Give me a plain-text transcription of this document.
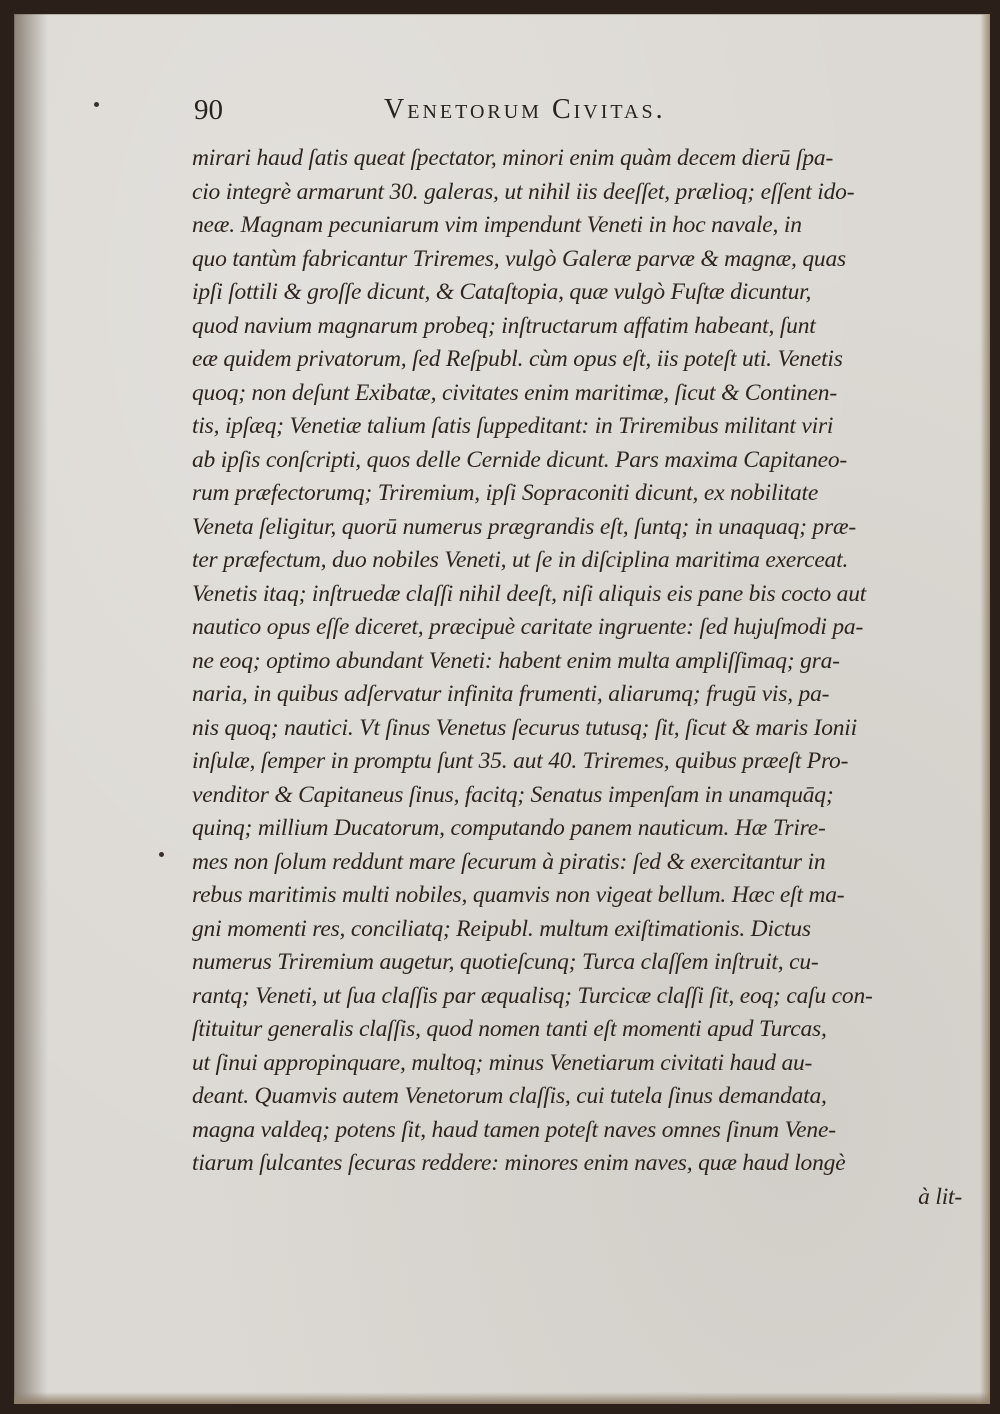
90	Venetorum Civitas.
mirari haud ſatis queat ſpectator, minori enim quàm decem dierū ſpa-
cio integrè armarunt 30. galeras, ut nihil iis deeſſet, prælioq; eſſent ido-
neæ. Magnam pecuniarum vim impendunt Veneti in hoc navale, in
quo tantùm fabricantur Triremes, vulgò Galeræ parvæ & magnæ, quas
ipſi ſottili & groſſe dicunt, & Cataſtopia, quæ vulgò Fuſtæ dicuntur,
quod navium magnarum probeq; inſtructarum affatim habeant, ſunt
eæ quidem privatorum, ſed Reſpubl. cùm opus eſt, iis poteſt uti. Venetis
quoq; non deſunt Exibatæ, civitates enim maritimæ, ſicut & Continen-
tis, ipſæq; Venetiæ talium ſatis ſuppeditant: in Triremibus militant viri
ab ipſis conſcripti, quos delle Cernide dicunt. Pars maxima Capitaneo-
rum præfectorumq; Triremium, ipſi Sopraconiti dicunt, ex nobilitate
Veneta ſeligitur, quorū numerus prægrandis eſt, ſuntq; in unaquaq; præ-
ter præfectum, duo nobiles Veneti, ut ſe in diſciplina maritima exerceat.
Venetis itaq; inſtruedæ claſſi nihil deeſt, niſi aliquis eis pane bis cocto aut
nautico opus eſſe diceret, præcipuè caritate ingruente: ſed hujuſmodi pa-
ne eoq; optimo abundant Veneti: habent enim multa ampliſſimaq; gra-
naria, in quibus adſervatur infinita frumenti, aliarumq; frugū vis, pa-
nis quoq; nautici. Vt ſinus Venetus ſecurus tutusq; ſit, ſicut & maris Ionii
inſulæ, ſemper in promptu ſunt 35. aut 40. Triremes, quibus præeſt Pro-
venditor & Capitaneus ſinus, facitq; Senatus impenſam in unamquāq;
quinq; millium Ducatorum, computando panem nauticum. Hæ Trire-
mes non ſolum reddunt mare ſecurum à piratis: ſed & exercitantur in
rebus maritimis multi nobiles, quamvis non vigeat bellum. Hæc eſt ma-
gni momenti res, conciliatq; Reipubl. multum exiſtimationis. Dictus
numerus Triremium augetur, quotieſcunq; Turca claſſem inſtruit, cu-
rantq; Veneti, ut ſua claſſis par æqualisq; Turcicæ claſſi ſit, eoq; caſu con-
ſtituitur generalis claſſis, quod nomen tanti eſt momenti apud Turcas,
ut ſinui appropinquare, multoq; minus Venetiarum civitati haud au-
deant. Quamvis autem Venetorum claſſis, cui tutela ſinus demandata,
magna valdeq; potens ſit, haud tamen poteſt naves omnes ſinum Vene-
tiarum ſulcantes ſecuras reddere: minores enim naves, quæ haud longè
à lit-
